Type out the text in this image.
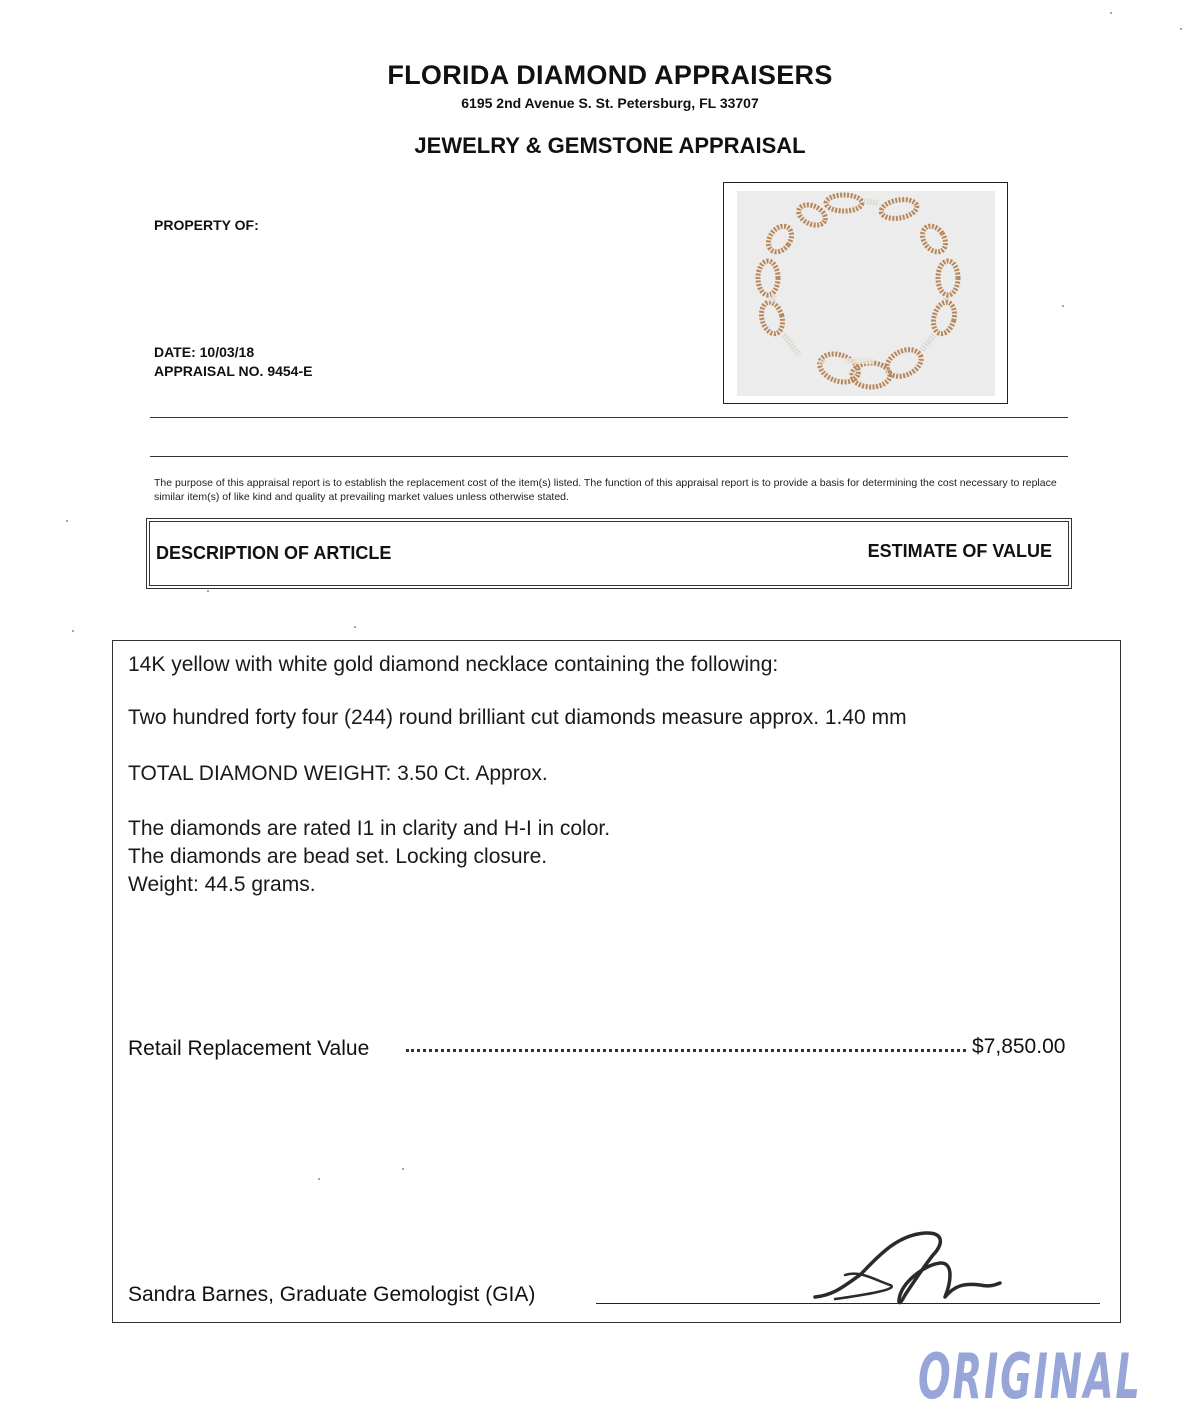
FLORIDA DIAMOND APPRAISERS
6195 2nd Avenue S. St. Petersburg, FL 33707
JEWELRY & GEMSTONE APPRAISAL
PROPERTY OF:
DATE: 10/03/18
APPRAISAL NO. 9454-E
The purpose of this appraisal report is to establish the replacement cost of the item(s) listed. The function of this appraisal report is to provide a basis for determining the cost necessary to replace similar item(s) of like kind and quality at prevailing market values unless otherwise stated.
DESCRIPTION OF ARTICLE	ESTIMATE OF VALUE
14K yellow with white gold diamond necklace containing the following:
Two hundred forty four (244) round brilliant cut diamonds measure approx. 1.40 mm
TOTAL DIAMOND WEIGHT: 3.50 Ct. Approx.
The diamonds are rated I1 in clarity and H-I in color.
The diamonds are bead set. Locking closure.
Weight: 44.5 grams.
Retail Replacement Value	$7,850.00
Sandra Barnes, Graduate Gemologist (GIA)
ORIGINAL
